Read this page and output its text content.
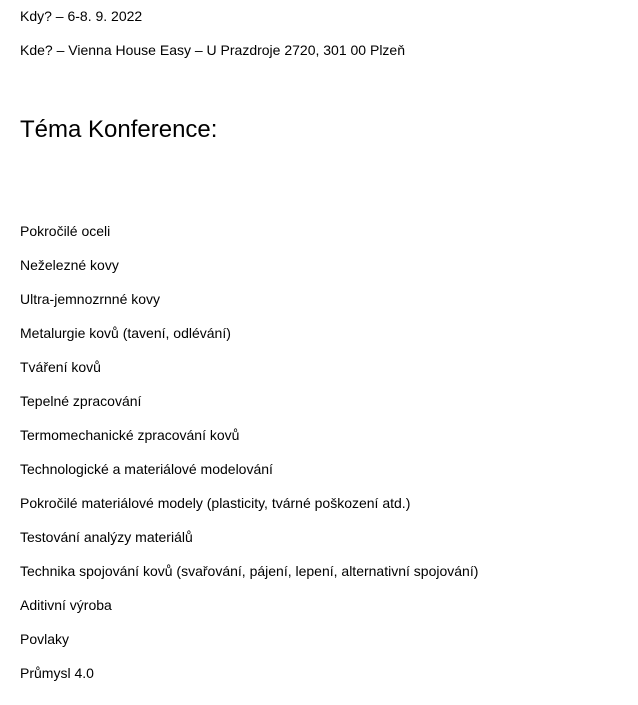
Kdy? – 6-8. 9. 2022
Kde? – Vienna House Easy – U Prazdroje 2720, 301 00 Plzeň
Téma Konference:
Pokročilé oceli
Neželezné kovy
Ultra-jemnozrnné kovy
Metalurgie kovů (tavení, odlévání)
Tváření kovů
Tepelné zpracování
Termomechanické zpracování kovů
Technologické a materiálové modelování
Pokročilé materiálové modely (plasticity, tvárné poškození atd.)
Testování analýzy materiálů
Technika spojování kovů (svařování, pájení, lepení, alternativní spojování)
Aditivní výroba
Povlaky
Průmysl 4.0
